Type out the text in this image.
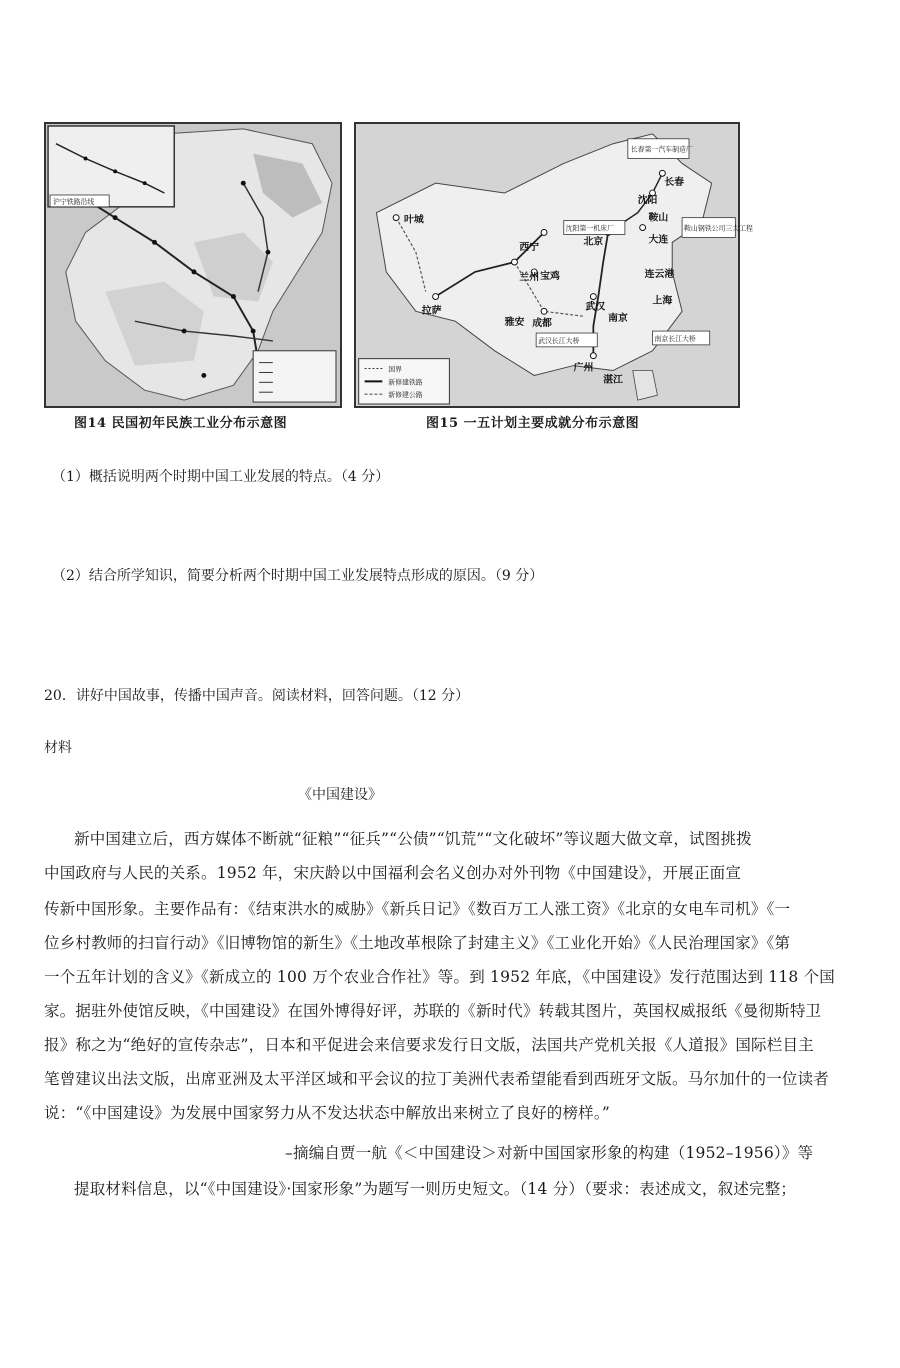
沪宁铁路沿线
图14 民国初年民族工业分布示意图
叶城
西宁
兰州 宝鸡
拉萨
雅安 成都
武汉
南京
上海
广州
北京
沈阳
长春
鞍山
大连
连云港
湛江
长春第一汽车制造厂
沈阳第一机床厂	鞍山钢铁公司三大工程
武汉长江大桥	南京长江大桥
国界
新修建铁路
新修建公路
图15 一五计划主要成就分布示意图
（1）概括说明两个时期中国工业发展的特点。（4 分）
（2）结合所学知识，简要分析两个时期中国工业发展特点形成的原因。（9 分）
20．讲好中国故事，传播中国声音。阅读材料，回答问题。（12 分）
材料
《中国建设》
新中国建立后，西方媒体不断就“征粮”“征兵”“公债”“饥荒”“文化破坏”等议题大做文章，试图挑拨
中国政府与人民的关系。1952 年，宋庆龄以中国福利会名义创办对外刊物《中国建设》，开展正面宣
传新中国形象。主要作品有：《结束洪水的威胁》《新兵日记》《数百万工人涨工资》《北京的女电车司机》《一
位乡村教师的扫盲行动》《旧博物馆的新生》《土地改革根除了封建主义》《工业化开始》《人民治理国家》《第
一个五年计划的含义》《新成立的 100 万个农业合作社》等。到 1952 年底，《中国建设》发行范围达到 118 个国
家。据驻外使馆反映，《中国建设》在国外博得好评，苏联的《新时代》转载其图片，英国权威报纸《曼彻斯特卫
报》称之为“绝好的宣传杂志”，日本和平促进会来信要求发行日文版，法国共产党机关报《人道报》国际栏目主
笔曾建议出法文版，出席亚洲及太平洋区域和平会议的拉丁美洲代表希望能看到西班牙文版。马尔加什的一位读者
说：“《中国建设》为发展中国家努力从不发达状态中解放出来树立了良好的榜样。”
–摘编自贾一航《＜中国建设＞对新中国国家形象的构建（1952–1956）》等
提取材料信息，以“《中国建设》·国家形象”为题写一则历史短文。（14 分）（要求：表述成文，叙述完整；
